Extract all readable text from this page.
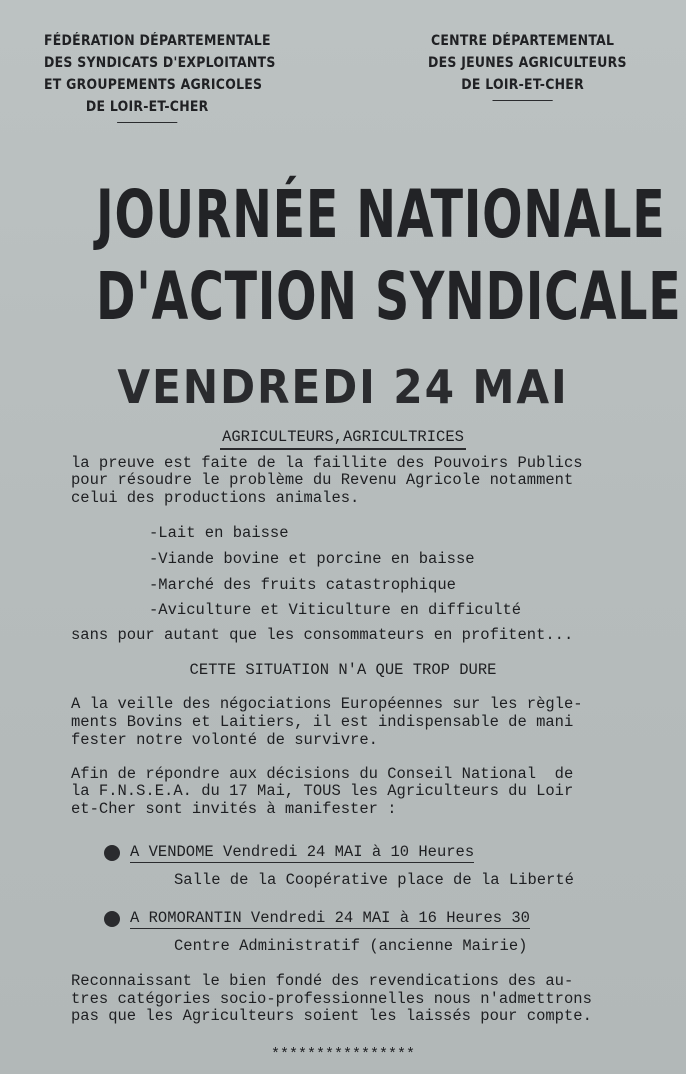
FÉDÉRATION DÉPARTEMENTALE
DES SYNDICATS D'EXPLOITANTS
ET GROUPEMENTS AGRICOLES
DE LOIR-ET-CHER
CENTRE DÉPARTEMENTAL
DES JEUNES AGRICULTEURS
DE LOIR-ET-CHER
JOURNÉE NATIONALE
D'ACTION SYNDICALE
VENDREDI 24 MAI
AGRICULTEURS,AGRICULTRICES
la preuve est faite de la faillite des Pouvoirs Publics
pour résoudre le problème du Revenu Agricole notamment
celui des productions animales.
-Lait en baisse
-Viande bovine et porcine en baisse
-Marché des fruits catastrophique
-Aviculture et Viticulture en difficulté
sans pour autant que les consommateurs en profitent...
CETTE SITUATION N'A QUE TROP DURE
A la veille des négociations Européennes sur les règle-
ments Bovins et Laitiers, il est indispensable de mani
fester notre volonté de survivre.
Afin de répondre aux décisions du Conseil National  de
la F.N.S.E.A. du 17 Mai, TOUS les Agriculteurs du Loir
et-Cher sont invités à manifester :
A VENDOME Vendredi 24 MAI à 10 Heures
Salle de la Coopérative place de la Liberté
A ROMORANTIN Vendredi 24 MAI à 16 Heures 30
Centre Administratif (ancienne Mairie)
Reconnaissant le bien fondé des revendications des au-
tres catégories socio-professionnelles nous n'admettrons
pas que les Agriculteurs soient les laissés pour compte.
****************
